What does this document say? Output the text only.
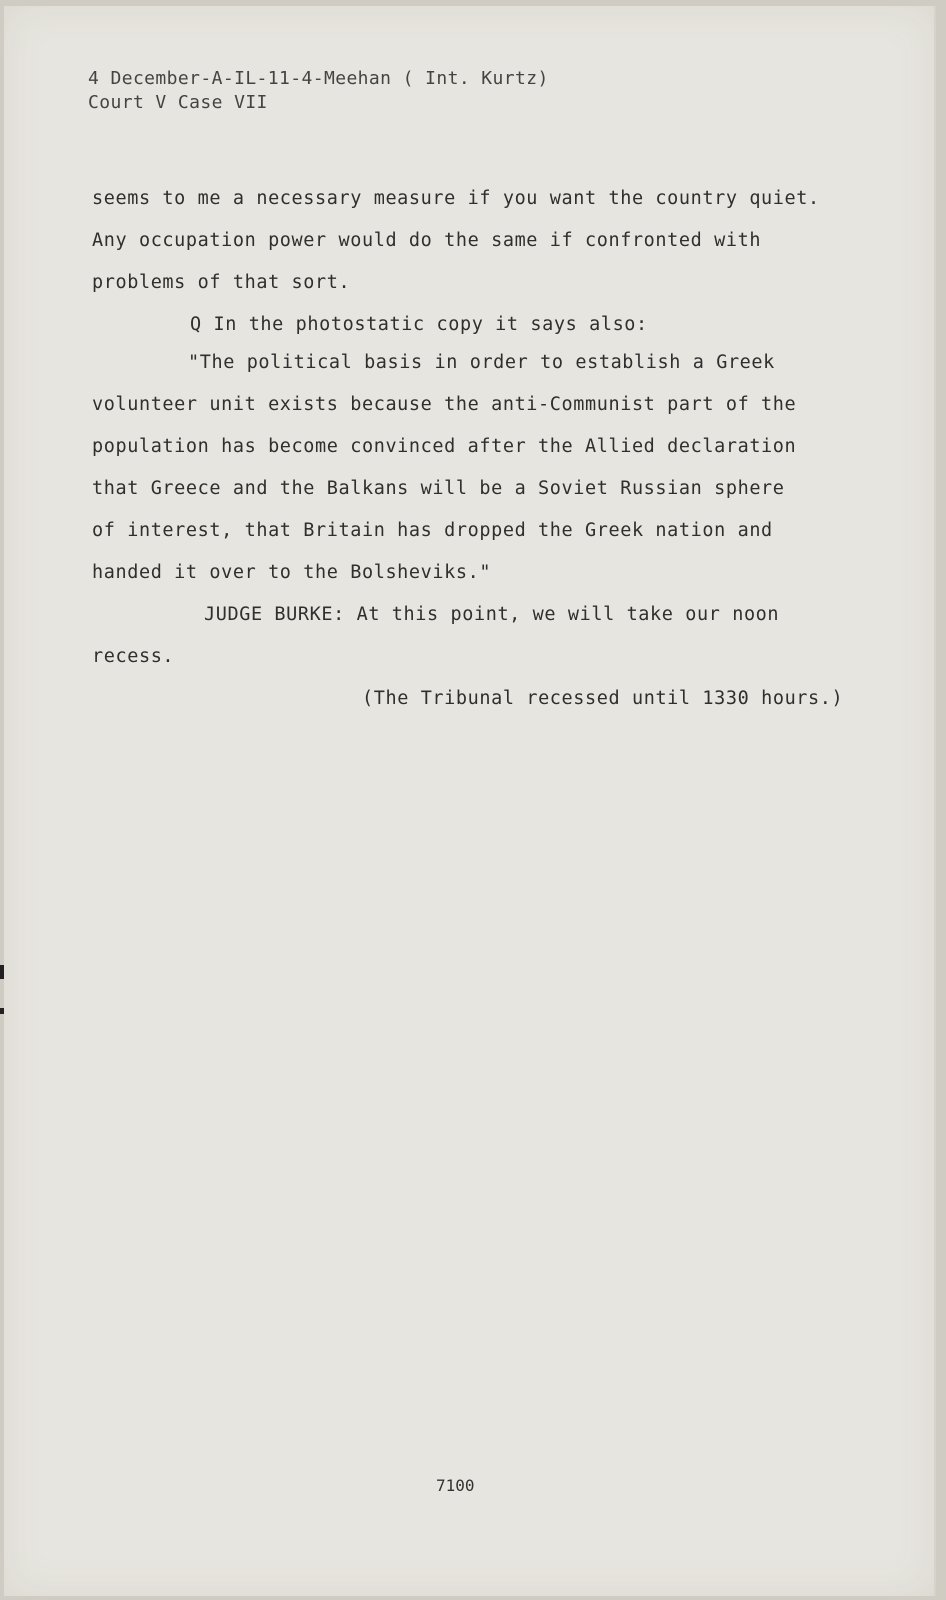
4 December-A-IL-11-4-Meehan ( Int. Kurtz)
Court V Case VII
seems to me a necessary measure if you want the country quiet.
Any occupation power would do the same if confronted with
problems of that sort.
Q In the photostatic copy it says also:
"The political basis in order to establish a Greek
volunteer unit exists because the anti-Communist part of the
population has become convinced after the Allied declaration
that Greece and the Balkans will be a Soviet Russian sphere
of interest, that Britain has dropped the Greek nation and
handed it over to the Bolsheviks."
JUDGE BURKE: At this point, we will take our noon
recess.
(The Tribunal recessed until 1330 hours.)
7100
